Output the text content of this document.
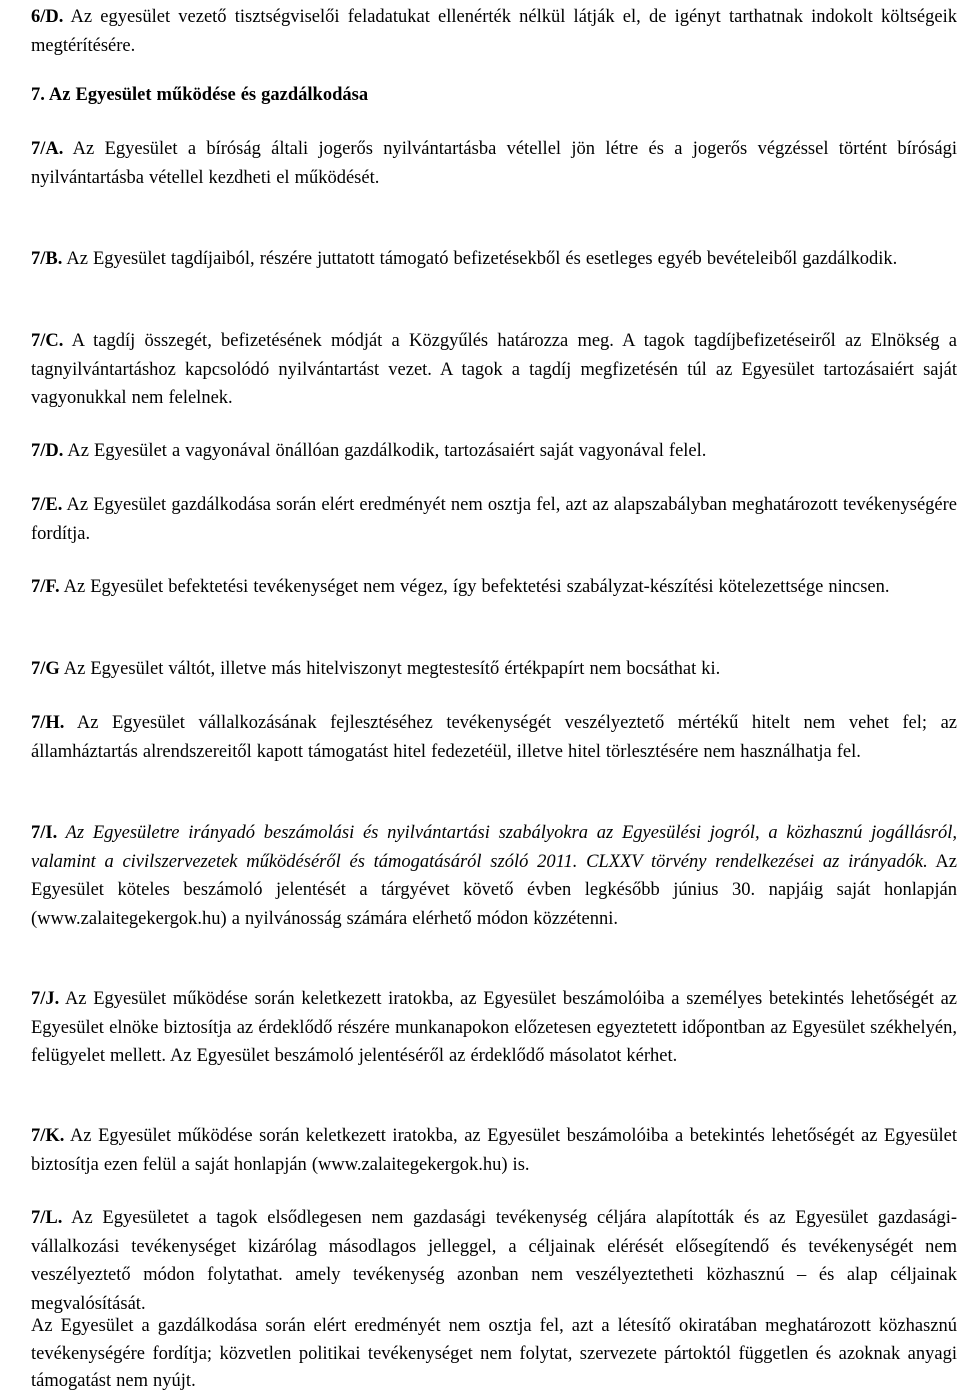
6/D. Az egyesület vezető tisztségviselői feladatukat ellenérték nélkül látják el, de igényt tarthatnak indokolt költségeik megtérítésére.

7. Az Egyesület működése és gazdálkodása

7/A. Az Egyesület a bíróság általi jogerős nyilvántartásba vétellel jön létre és a jogerős végzéssel történt bírósági nyilvántartásba vétellel kezdheti el működését.

7/B. Az Egyesület tagdíjaiból, részére juttatott támogató befizetésekből és esetleges egyéb bevételeiből gazdálkodik.

7/C. A tagdíj összegét, befizetésének módját a Közgyűlés határozza meg. A tagok tagdíjbefizetéseiről az Elnökség a tagnyilvántartáshoz kapcsolódó nyilvántartást vezet. A tagok a tagdíj megfizetésén túl az Egyesület tartozásaiért saját vagyonukkal nem felelnek.

7/D. Az Egyesület a vagyonával önállóan gazdálkodik, tartozásaiért saját vagyonával felel.

7/E. Az Egyesület gazdálkodása során elért eredményét nem osztja fel, azt az alapszabályban meghatározott tevékenységére fordítja.

7/F. Az Egyesület befektetési tevékenységet nem végez, így befektetési szabályzat-készítési kötelezettsége nincsen.

7/G Az Egyesület váltót, illetve más hitelviszonyt megtestesítő értékpapírt nem bocsáthat ki.

7/H. Az Egyesület vállalkozásának fejlesztéséhez tevékenységét veszélyeztető mértékű hitelt nem vehet fel; az államháztartás alrendszereitől kapott támogatást hitel fedezetéül, illetve hitel törlesztésére nem használhatja fel.

7/I. Az Egyesületre irányadó beszámolási és nyilvántartási szabályokra az Egyesülési jogról, a közhasznú jogállásról, valamint a civilszervezetek működéséről és támogatásáról szóló 2011. CLXXV törvény rendelkezései az irányadók. Az Egyesület köteles beszámoló jelentését a tárgyévet követő évben legkésőbb június 30. napjáig saját honlapján (www.zalaitegekergok.hu) a nyilvánosság számára elérhető módon közzétenni.

7/J. Az Egyesület működése során keletkezett iratokba, az Egyesület beszámolóiba a személyes betekintés lehetőségét az Egyesület elnöke biztosítja az érdeklődő részére munkanapokon előzetesen egyeztetett időpontban az Egyesület székhelyén, felügyelet mellett. Az Egyesület beszámoló jelentéséről az érdeklődő másolatot kérhet.

7/K. Az Egyesület működése során keletkezett iratokba, az Egyesület beszámolóiba a betekintés lehetőségét az Egyesület biztosítja ezen felül a saját honlapján (www.zalaitegekergok.hu) is.

7/L. Az Egyesületet a tagok elsődlegesen nem gazdasági tevékenység céljára alapították és az Egyesület gazdasági-vállalkozási tevékenységet kizárólag másodlagos jelleggel, a céljainak elérését elősegítendő és tevékenységét nem veszélyeztető módon folytathat. amely tevékenység azonban nem veszélyeztetheti közhasznú – és alap céljainak megvalósítását.

Az Egyesület a gazdálkodása során elért eredményét nem osztja fel, azt a létesítő okiratában meghatározott közhasznú tevékenységére fordítja; közvetlen politikai tevékenységet nem folytat, szervezete pártoktól független és azoknak anyagi támogatást nem nyújt.
